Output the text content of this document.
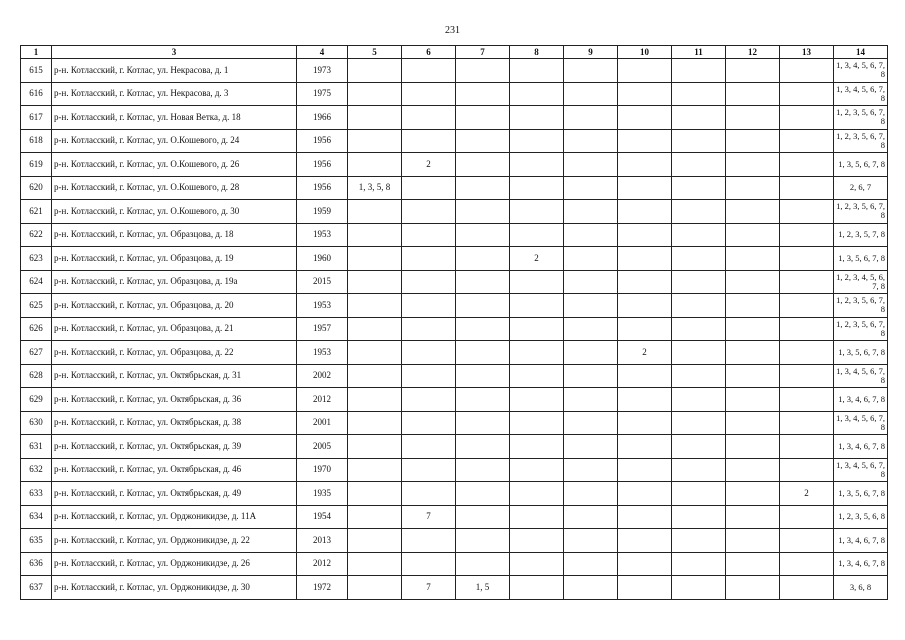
231
1	3	4	5	6	7	8	9	10	11	12	13	14
615	р-н. Котласский, г. Котлас, ул. Некрасова, д. 1	1973										1, 3, 4, 5, 6, 7, 8
616	р-н. Котласский, г. Котлас, ул. Некрасова, д. 3	1975										1, 3, 4, 5, 6, 7, 8
617	р-н. Котласский, г. Котлас, ул. Новая Ветка, д. 18	1966										1, 2, 3, 5, 6, 7, 8
618	р-н. Котласский, г. Котлас, ул. О.Кошевого, д. 24	1956										1, 2, 3, 5, 6, 7, 8
619	р-н. Котласский, г. Котлас, ул. О.Кошевого, д. 26	1956		2								1, 3, 5, 6, 7, 8
620	р-н. Котласский, г. Котлас, ул. О.Кошевого, д. 28	1956	1, 3, 5, 8									2, 6, 7
621	р-н. Котласский, г. Котлас, ул. О.Кошевого, д. 30	1959										1, 2, 3, 5, 6, 7, 8
622	р-н. Котласский, г. Котлас, ул. Образцова, д. 18	1953										1, 2, 3, 5, 7, 8
623	р-н. Котласский, г. Котлас, ул. Образцова, д. 19	1960				2						1, 3, 5, 6, 7, 8
624	р-н. Котласский, г. Котлас, ул. Образцова, д. 19а	2015										1, 2, 3, 4, 5, 6, 7, 8
625	р-н. Котласский, г. Котлас, ул. Образцова, д. 20	1953										1, 2, 3, 5, 6, 7, 8
626	р-н. Котласский, г. Котлас, ул. Образцова, д. 21	1957										1, 2, 3, 5, 6, 7, 8
627	р-н. Котласский, г. Котлас, ул. Образцова, д. 22	1953						2				1, 3, 5, 6, 7, 8
628	р-н. Котласский, г. Котлас, ул. Октябрьская, д. 31	2002										1, 3, 4, 5, 6, 7, 8
629	р-н. Котласский, г. Котлас, ул. Октябрьская, д. 36	2012										1, 3, 4, 6, 7, 8
630	р-н. Котласский, г. Котлас, ул. Октябрьская, д. 38	2001										1, 3, 4, 5, 6, 7, 8
631	р-н. Котласский, г. Котлас, ул. Октябрьская, д. 39	2005										1, 3, 4, 6, 7, 8
632	р-н. Котласский, г. Котлас, ул. Октябрьская, д. 46	1970										1, 3, 4, 5, 6, 7, 8
633	р-н. Котласский, г. Котлас, ул. Октябрьская, д. 49	1935									2	1, 3, 5, 6, 7, 8
634	р-н. Котласский, г. Котлас, ул. Орджоникидзе, д. 11А	1954		7								1, 2, 3, 5, 6, 8
635	р-н. Котласский, г. Котлас, ул. Орджоникидзе, д. 22	2013										1, 3, 4, 6, 7, 8
636	р-н. Котласский, г. Котлас, ул. Орджоникидзе, д. 26	2012										1, 3, 4, 6, 7, 8
637	р-н. Котласский, г. Котлас, ул. Орджоникидзе, д. 30	1972		7	1, 5							3, 6, 8
